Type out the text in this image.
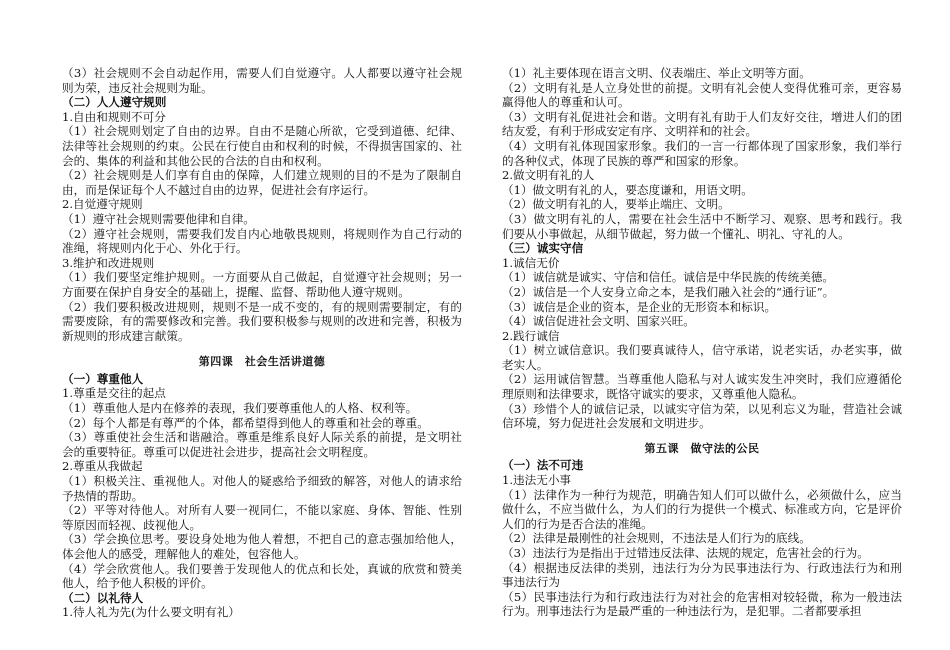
（3）社会规则不会自动起作用，需要人们自觉遵守。人人都要以遵守社会规则为荣，违反社会规则为耻。

（二）人人遵守规则

1.自由和规则不可分

（1）社会规则划定了自由的边界。自由不是随心所欲，它受到道德、纪律、法律等社会规则的约束。公民在行使自由和权利的时候，不得损害国家的、社会的、集体的利益和其他公民的合法的自由和权利。

（2）社会规则是人们享有自由的保障，人们建立规则的目的不是为了限制自由，而是保证每个人不越过自由的边界，促进社会有序运行。

2.自觉遵守规则

（1）遵守社会规则需要他律和自律。

（2）遵守社会规则，需要我们发自内心地敬畏规则，将规则作为自己行动的准绳，将规则内化于心、外化于行。

3.维护和改进规则

（1）我们要坚定维护规则。一方面要从自己做起，自觉遵守社会规则；另一方面要在保护自身安全的基础上，提醒、监督、帮助他人遵守规则。

（2）我们要积极改进规则，规则不是一成不变的，有的规则需要制定，有的需要废除，有的需要修改和完善。我们要积极参与规则的改进和完善，积极为新规则的形成建言献策。

第四课　社会生活讲道德

（一）尊重他人

1.尊重是交往的起点

（1）尊重他人是内在修养的表现，我们要尊重他人的人格、权利等。

（2）每个人都是有尊严的个体，都希望得到他人的尊重和社会的尊重。

（3）尊重使社会生活和谐融洽。尊重是维系良好人际关系的前提，是文明社会的重要特征。尊重可以促进社会进步，提高社会文明程度。

2.尊重从我做起

（1）积极关注、重视他人。对他人的疑惑给予细致的解答，对他人的请求给予热情的帮助。

（2）平等对待他人。对所有人要一视同仁，不能以家庭、身体、智能、性别等原因而轻视、歧视他人。

（3）学会换位思考。要设身处地为他人着想，不把自己的意志强加给他人，体会他人的感受，理解他人的难处，包容他人。

（4）学会欣赏他人。我们要善于发现他人的优点和长处，真诚的欣赏和赞美他人，给予他人积极的评价。

（二）以礼待人

1.待人礼为先(为什么要文明有礼）

（1）礼主要体现在语言文明、仪表端庄、举止文明等方面。

（2）文明有礼是人立身处世的前提。文明有礼会使人变得优雅可亲，更容易赢得他人的尊重和认可。

（3）文明有礼促进社会和谐。文明有礼有助于人们友好交往，增进人们的团结友爱，有利于形成安定有序、文明祥和的社会。

（4）文明有礼体现国家形象。我们的一言一行都体现了国家形象，我们举行的各种仪式，体现了民族的尊严和国家的形象。

2.做文明有礼的人

（1）做文明有礼的人，要态度谦和，用语文明。

（2）做文明有礼的人，要举止端庄、文明。

（3）做文明有礼的人，需要在社会生活中不断学习、观察、思考和践行。我们要从小事做起，从细节做起，努力做一个懂礼、明礼、守礼的人。

（三）诚实守信

1.诚信无价

（1）诚信就是诚实、守信和信任。诚信是中华民族的传统美德。

（2）诚信是一个人安身立命之本，是我们融入社会的“通行证”。

（3）诚信是企业的资本，是企业的无形资本和标识。

（4）诚信促进社会文明、国家兴旺。

2.践行诚信

（1）树立诚信意识。我们要真诚待人，信守承诺，说老实话，办老实事，做老实人。

（2）运用诚信智慧。当尊重他人隐私与对人诚实发生冲突时，我们应遵循伦理原则和法律要求，既恪守诚实的要求，又尊重他人隐私。

（3）珍惜个人的诚信记录，以诚实守信为荣，以见利忘义为耻，营造社会诚信环境，努力促进社会发展和文明进步。

第五课　做守法的公民

（一）法不可违

1.违法无小事

（1）法律作为一种行为规范，明确告知人们可以做什么，必须做什么，应当做什么，不应当做什么，为人们的行为提供一个模式、标准或方向，它是评价人们的行为是否合法的准绳。

（2）法律是最刚性的社会规则，不违法是人们行为的底线。

（3）违法行为是指出于过错违反法律、法规的规定，危害社会的行为。

（4）根据违反法律的类别，违法行为分为民事违法行为、行政违法行为和刑事违法行为

（5）民事违法行为和行政违法行为对社会的危害相对较轻微，称为一般违法行为。刑事违法行为是最严重的一种违法行为，是犯罪。二者都要承担
